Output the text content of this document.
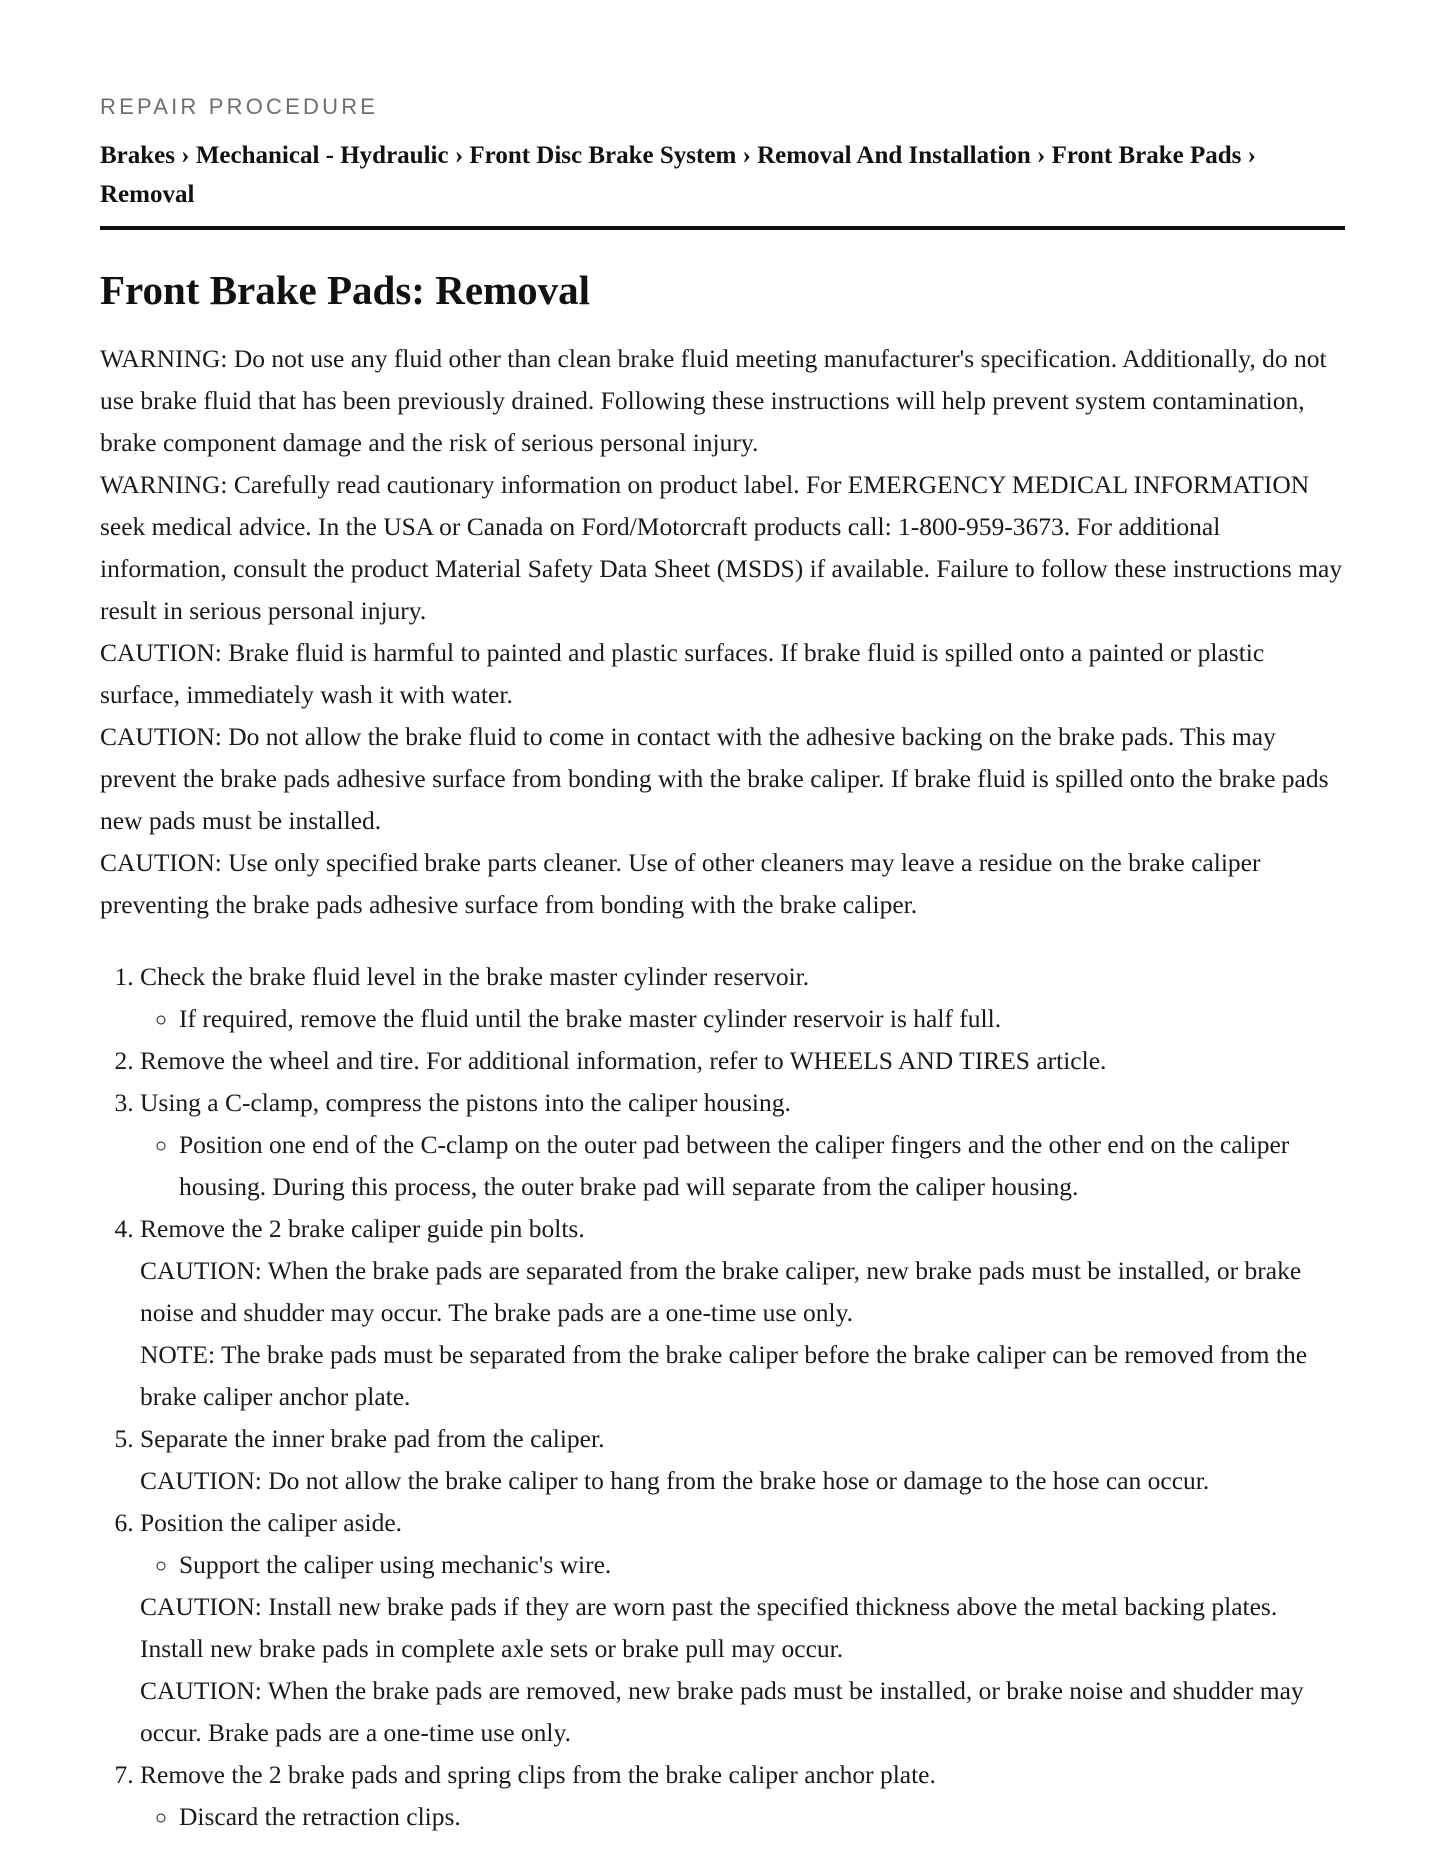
REPAIR PROCEDURE
Brakes › Mechanical - Hydraulic › Front Disc Brake System › Removal And Installation › Front Brake Pads › Removal
Front Brake Pads: Removal

WARNING: Do not use any fluid other than clean brake fluid meeting manufacturer's specification. Additionally, do not use brake fluid that has been previously drained. Following these instructions will help prevent system contamination, brake component damage and the risk of serious personal injury.

WARNING: Carefully read cautionary information on product label. For EMERGENCY MEDICAL INFORMATION seek medical advice. In the USA or Canada on Ford/Motorcraft products call: 1-800-959-3673. For additional information, consult the product Material Safety Data Sheet (MSDS) if available. Failure to follow these instructions may result in serious personal injury.

CAUTION: Brake fluid is harmful to painted and plastic surfaces. If brake fluid is spilled onto a painted or plastic surface, immediately wash it with water.

CAUTION: Do not allow the brake fluid to come in contact with the adhesive backing on the brake pads. This may prevent the brake pads adhesive surface from bonding with the brake caliper. If brake fluid is spilled onto the brake pads new pads must be installed.

CAUTION: Use only specified brake parts cleaner. Use of other cleaners may leave a residue on the brake caliper preventing the brake pads adhesive surface from bonding with the brake caliper.

1. Check the brake fluid level in the brake master cylinder reservoir.
◦ If required, remove the fluid until the brake master cylinder reservoir is half full.
2. Remove the wheel and tire. For additional information, refer to WHEELS AND TIRES article.
3. Using a C-clamp, compress the pistons into the caliper housing.
◦ Position one end of the C-clamp on the outer pad between the caliper fingers and the other end on the caliper housing. During this process, the outer brake pad will separate from the caliper housing.
4. Remove the 2 brake caliper guide pin bolts.

CAUTION: When the brake pads are separated from the brake caliper, new brake pads must be installed, or brake noise and shudder may occur. The brake pads are a one-time use only.

NOTE: The brake pads must be separated from the brake caliper before the brake caliper can be removed from the brake caliper anchor plate.

5. Separate the inner brake pad from the caliper.

CAUTION: Do not allow the brake caliper to hang from the brake hose or damage to the hose can occur.

6. Position the caliper aside.
◦ Support the caliper using mechanic's wire.

CAUTION: Install new brake pads if they are worn past the specified thickness above the metal backing plates. Install new brake pads in complete axle sets or brake pull may occur.

CAUTION: When the brake pads are removed, new brake pads must be installed, or brake noise and shudder may occur. Brake pads are a one-time use only.

7. Remove the 2 brake pads and spring clips from the brake caliper anchor plate.
◦ Discard the retraction clips.
